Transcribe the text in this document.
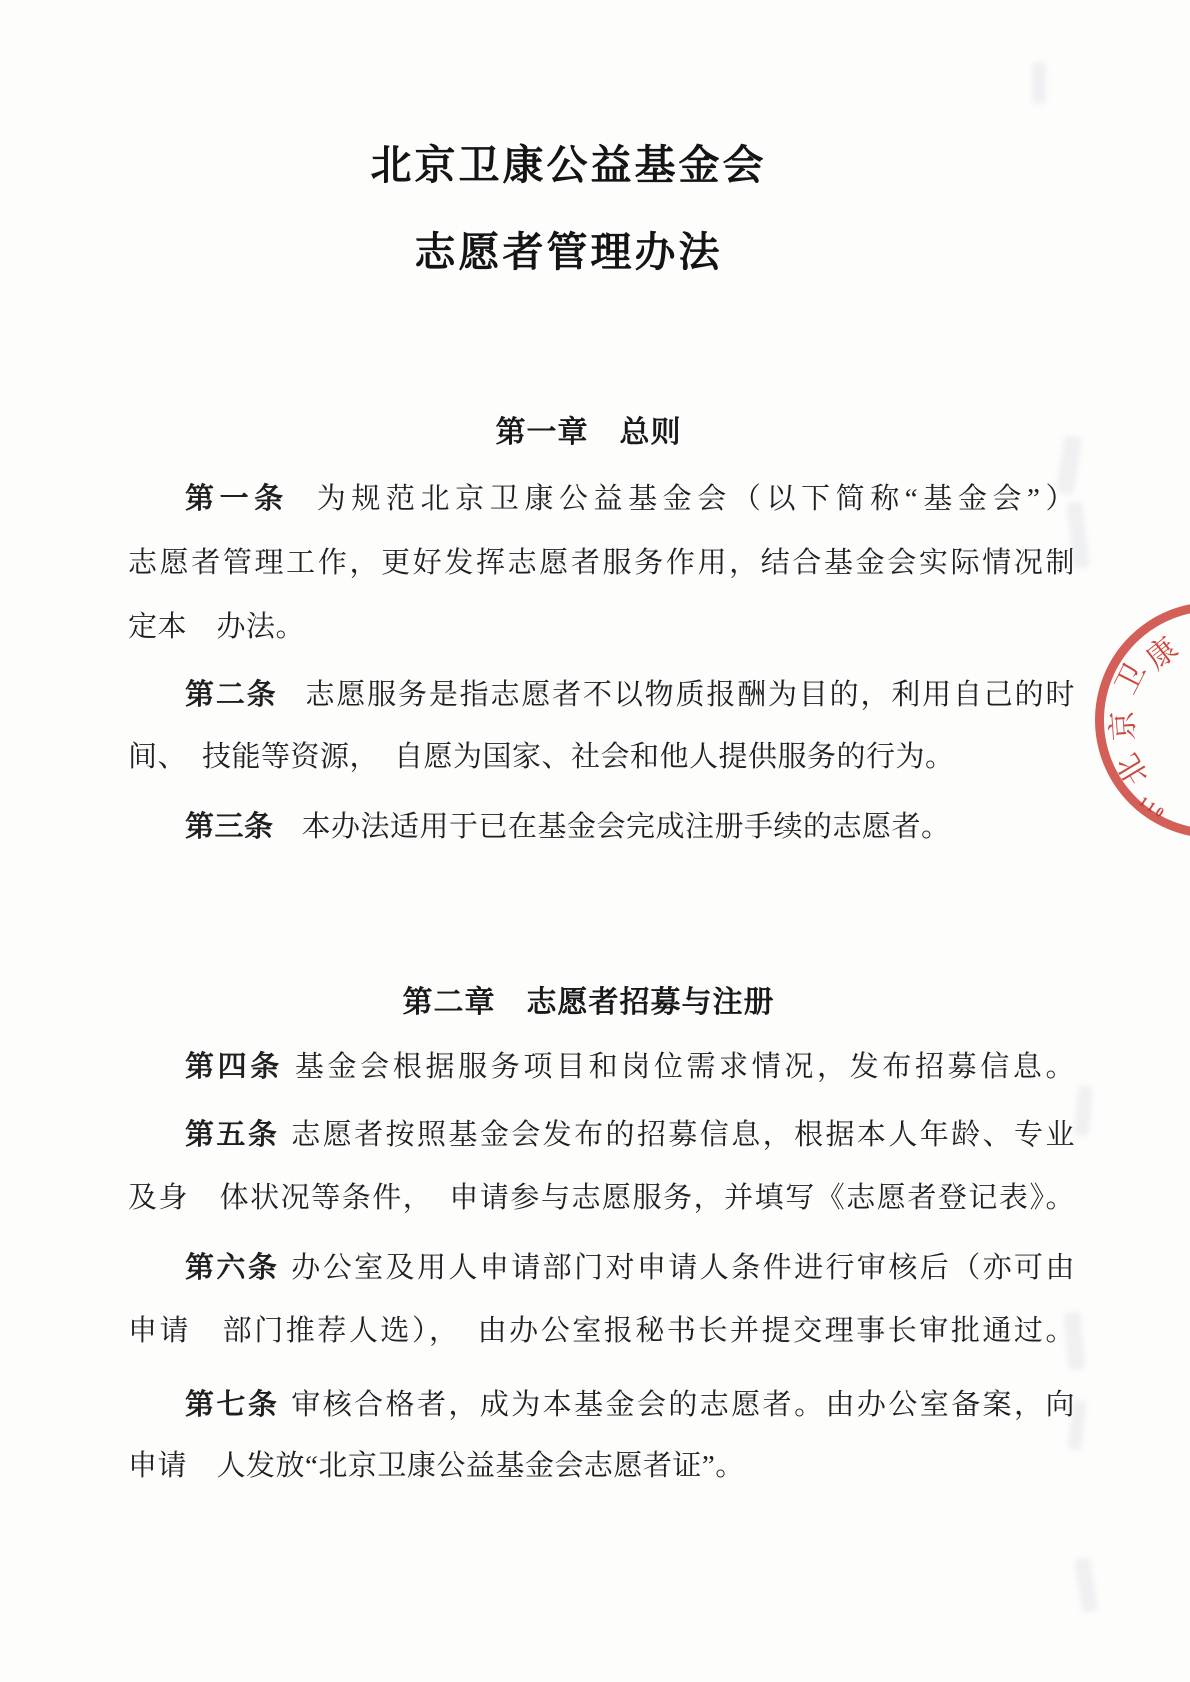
北京卫康公益基金会
志愿者管理办法
第一章　总则
第一条 为规范北京卫康公益基金会（以下简称“基金会”）
志愿者管理工作，更好发挥志愿者服务作用，结合基金会实际情况制
定本　办法。
第二条 志愿服务是指志愿者不以物质报酬为目的，利用自己的时
间、　技能等资源，　自愿为国家、社会和他人提供服务的行为。
第三条 本办法适用于已在基金会完成注册手续的志愿者。
第二章　志愿者招募与注册
第四条 基金会根据服务项目和岗位需求情况，发布招募信息。
第五条 志愿者按照基金会发布的招募信息，根据本人年龄、专业
及身　体状况等条件，　申请参与志愿服务，并填写《志愿者登记表》。
第六条 办公室及用人申请部门对申请人条件进行审核后（亦可由
申请　部门推荐人选），　由办公室报秘书长并提交理事长审批通过。
第七条 审核合格者，成为本基金会的志愿者。由办公室备案，向
申请　人发放“北京卫康公益基金会志愿者证”。
北
京
卫
康
110
